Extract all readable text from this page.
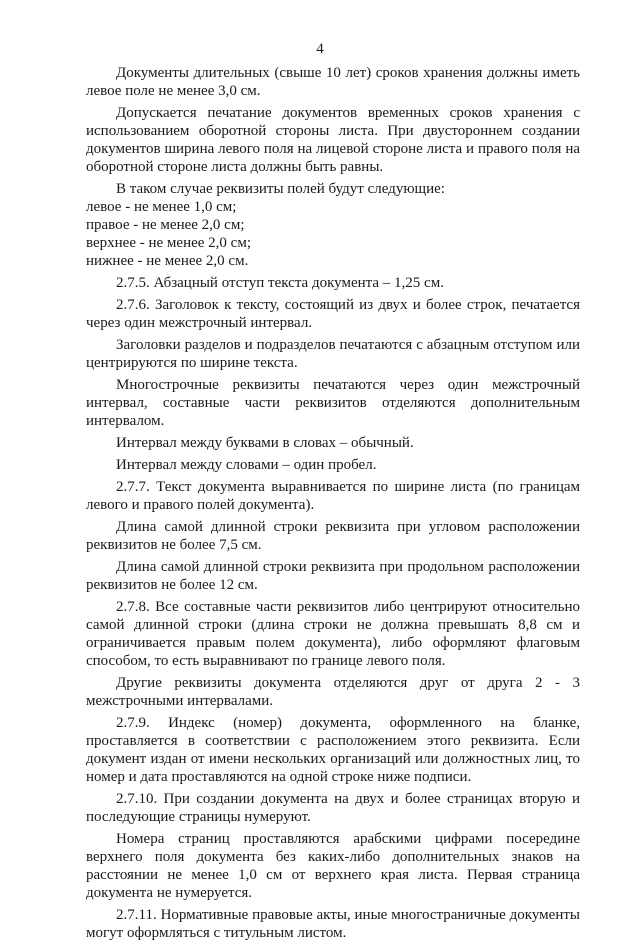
4

Документы длительных (свыше 10 лет) сроков хранения должны иметь левое поле не менее 3,0 см.

Допускается печатание документов временных сроков хранения с использованием оборотной стороны листа. При двустороннем создании документов ширина левого поля на лицевой стороне листа и правого поля на оборотной стороне листа должны быть равны.

В таком случае реквизиты полей будут следующие:

левое - не менее 1,0 см;

правое - не менее 2,0 см;

верхнее - не менее 2,0 см;

нижнее - не менее 2,0 см.

2.7.5. Абзацный отступ текста документа – 1,25 см.

2.7.6. Заголовок к тексту, состоящий из двух и более строк, печатается через один межстрочный интервал.

Заголовки разделов и подразделов печатаются с абзацным отступом или центрируются по ширине текста.

Многострочные реквизиты печатаются через один межстрочный интервал, составные части реквизитов отделяются дополнительным интервалом.

Интервал между буквами в словах – обычный.

Интервал между словами – один пробел.

2.7.7. Текст документа выравнивается по ширине листа (по границам левого и правого полей документа).

Длина самой длинной строки реквизита при угловом расположении реквизитов не более 7,5 см.

Длина самой длинной строки реквизита при продольном расположении реквизитов не более 12 см.

2.7.8. Все составные части реквизитов либо центрируют относительно самой длинной строки (длина строки не должна превышать 8,8 см и ограничивается правым полем документа), либо оформляют флаговым способом, то есть выравнивают по границе левого поля.

Другие реквизиты документа отделяются друг от друга 2 - 3 межстрочными интервалами.

2.7.9. Индекс (номер) документа, оформленного на бланке, проставляется в соответствии с расположением этого реквизита. Если документ издан от имени нескольких организаций или должностных лиц, то номер и дата проставляются на одной строке ниже подписи.

2.7.10. При создании документа на двух и более страницах вторую и последующие страницы нумеруют.

Номера страниц проставляются арабскими цифрами посередине верхнего поля документа без каких-либо дополнительных знаков на расстоянии не менее 1,0 см от верхнего края листа. Первая страница документа не нумеруется.

2.7.11. Нормативные правовые акты, иные многостраничные документы могут оформляться с титульным листом.
